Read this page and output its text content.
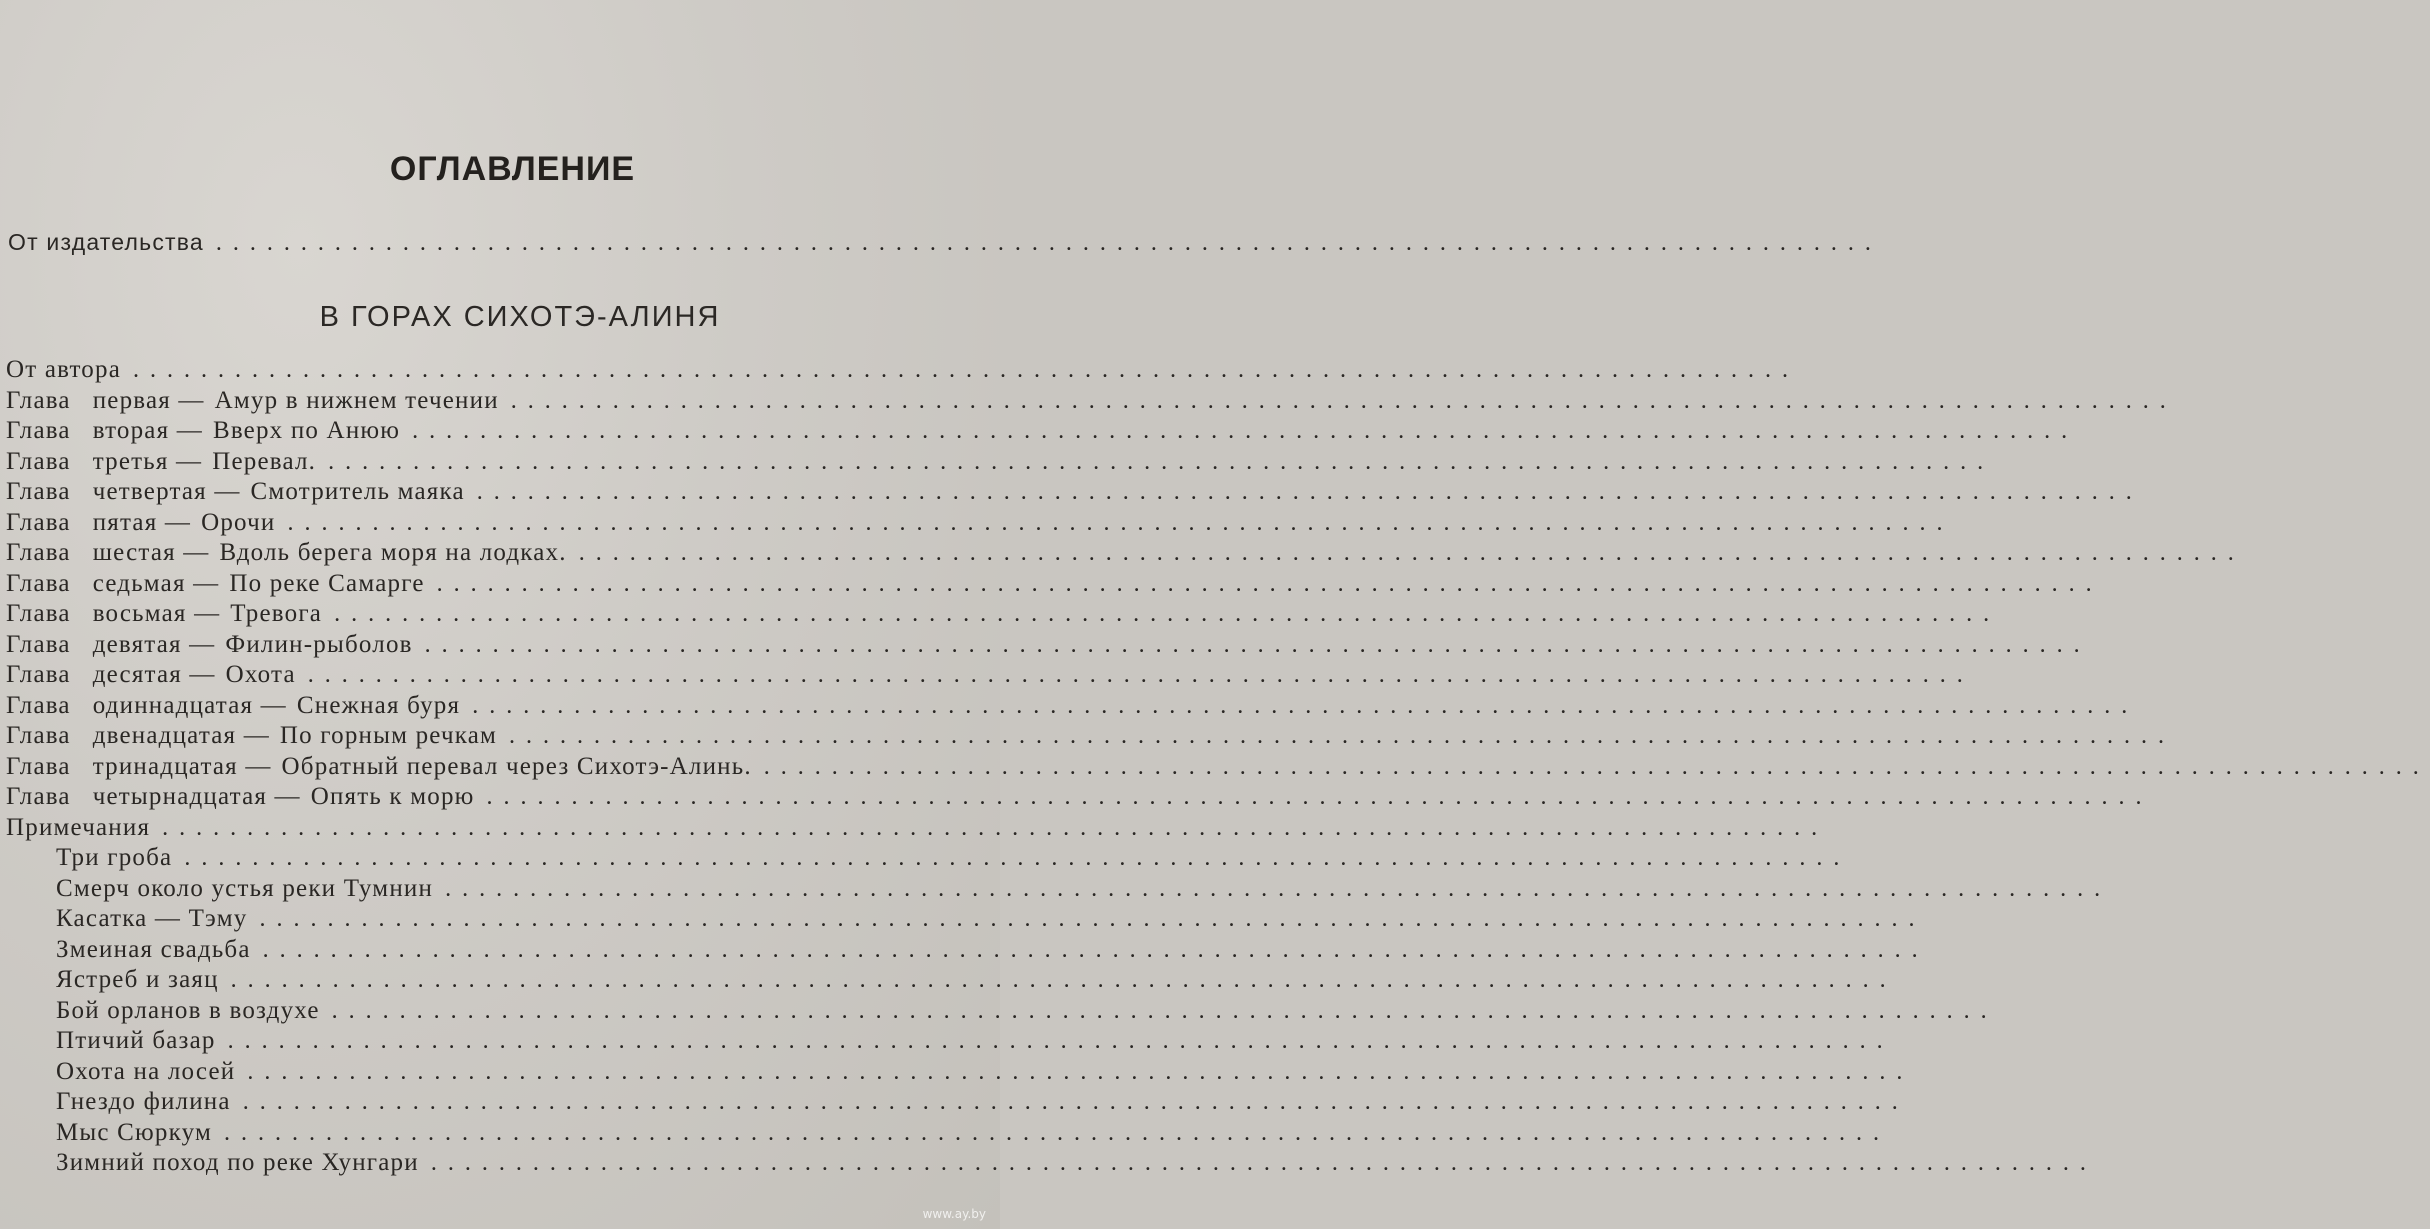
ОГЛАВЛЕНИЕ
От издательства ..................................................................................................
В ГОРАХ СИХОТЭ-АЛИНЯ
От автора ..................................................................................................
Глава первая — Амур в нижнем течении ..................................................................................................
Глава вторая — Вверх по Анюю ..................................................................................................
Глава третья — Перевал. ..................................................................................................
Глава четвертая — Смотритель маяка ..................................................................................................
Глава пятая — Орочи ..................................................................................................
Глава шестая — Вдоль берега моря на лодках. ..................................................................................................
Глава седьмая — По реке Самарге ..................................................................................................
Глава восьмая — Тревога ..................................................................................................
Глава девятая — Филин-рыболов ..................................................................................................
Глава десятая — Охота ..................................................................................................
Глава одиннадцатая — Снежная буря ..................................................................................................
Глава двенадцатая — По горным речкам ..................................................................................................
Глава тринадцатая — Обратный перевал через Сихотэ-Алинь. ..................................................................................................
Глава четырнадцатая — Опять к морю ..................................................................................................
Примечания ..................................................................................................
Три гроба ..................................................................................................
Смерч около устья реки Тумнин ..................................................................................................
Касатка — Тэму ..................................................................................................
Змеиная свадьба ..................................................................................................
Ястреб и заяц ..................................................................................................
Бой орланов в воздухе ..................................................................................................
Птичий базар ..................................................................................................
Охота на лосей ..................................................................................................
Гнездо филина ..................................................................................................
Мыс Сюркум ..................................................................................................
Зимний поход по реке Хунгари ..................................................................................................
www.ay.by
